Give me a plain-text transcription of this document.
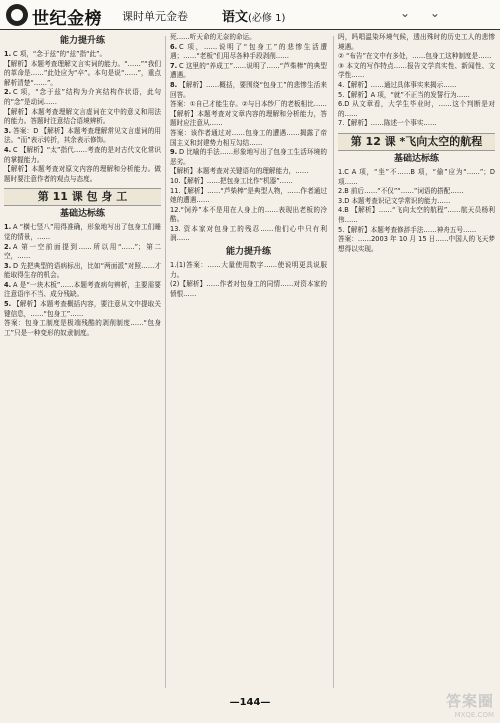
世纪金榜 课时单元金卷	语文(必修 1)	⌄ ⌄
能力提升练

1. C 项，“念于兹”的“兹”指“此”。

【解析】本题考查理解文言实词的能力。“……”“我们的革命是……”此处应为“卒”。本句是说“……”，重点解析清楚“……”。

2. C 项，“念于兹”结构为介宾结构作状语，此句的“念”是动词……

【解析】本题考查理解文言虚词在文中的意义和用法的能力。答题时注意结合语境辨析。

3. 答案：D 【解析】本题考查理解常见文言虚词的用法。“而”表示转折，其余表示修饰。

4. C 【解析】“太”指代……考查的是对古代文化常识的掌握能力。

【解析】本题考查对原文内容的理解和分析能力。做题时要注意作者的观点与态度。

第 11 课 包 身 工
基础达标练

1. A “横七竖八”用得准确，形象地写出了包身工们睡觉的情景，……

2. A 第一空前面提到……所以用“……”；第二空，……

3. D 先把典型的语病标出，比如“两面派”对照……才能取得生存的机会。

4. A 是“一块木板”……本题考查病句辨析，主要需要注意语序不当、成分残缺。

5. 【解析】本题考查概括内容，要注意从文中提取关键信息，……“包身工”……

答案：包身工制度是极端残酷的剥削制度……“包身工”只是一种变形的奴隶制度。

死……听天命的无奈的命运。

6. C 项，……说明了“包身工”的悲惨生活遭遇；……“老板”们用尽各种手段剥削……

7. C 这里的“养成工”……说明了……“芦柴棒”的典型遭遇。

8. 【解析】……概括，要围绕“包身工”的悲惨生活来回答。

答案：①自己才能生存。②与日本纱厂的老板相比……

【解析】本题考查对文章内容的理解和分析能力，答题时应注意从……

答案：该作者通过对……包身工的遭遇……揭露了帝国主义和封建势力相互勾结……

9. D 比喻的手法……形象地写出了包身工生活环境的恶劣。

【解析】本题考查对关键语句的理解能力，……

10.【解析】……把包身工比作“机器”……

11.【解析】……“芦柴棒”是典型人物，……作者通过她的遭遇……

12.“饲养”本不是用在人身上的……表现出老板的冷酷。

13. 资本家对包身工的残忍……他们心中只有利润……

能力提升练

1.(1)答案：……大量使用数字……使说明更具说服力。

(2)【解析】……作者对包身工的同情……对资本家的愤恨……

吗，吗唱温染环境气候，透出殊时的历史工人的悲惨境遇。

② “布告”在文中有多处，……包身工这种制度是……

③ 本文的写作特点……报告文学真实性、新闻性、文学性……

4.【解析】……通过具体事实来揭示……

5.【解析】A 项，“就”不正当的发誓行为……

6.D 从文章看，大学生毕业时，……这个判断是对的……

7.【解析】……陈述一个事实……

第 12 课 *飞向太空的航程
基础达标练

1.C A 项，“坐”不……B 项，“偷”应为“……”；D 项……

2.B 前后……“不仅”“……”词语的搭配……

3.D 本题考查识记文学常识的能力……

4.B 【解析】……“飞向太空的航程”……航天员杨利伟……

5.【解析】本题考查修辞手法……神舟五号……

答案：……2003 年 10 月 15 日……中国人的飞天梦想得以实现。

—144—	答案圈
MXQE.COM
